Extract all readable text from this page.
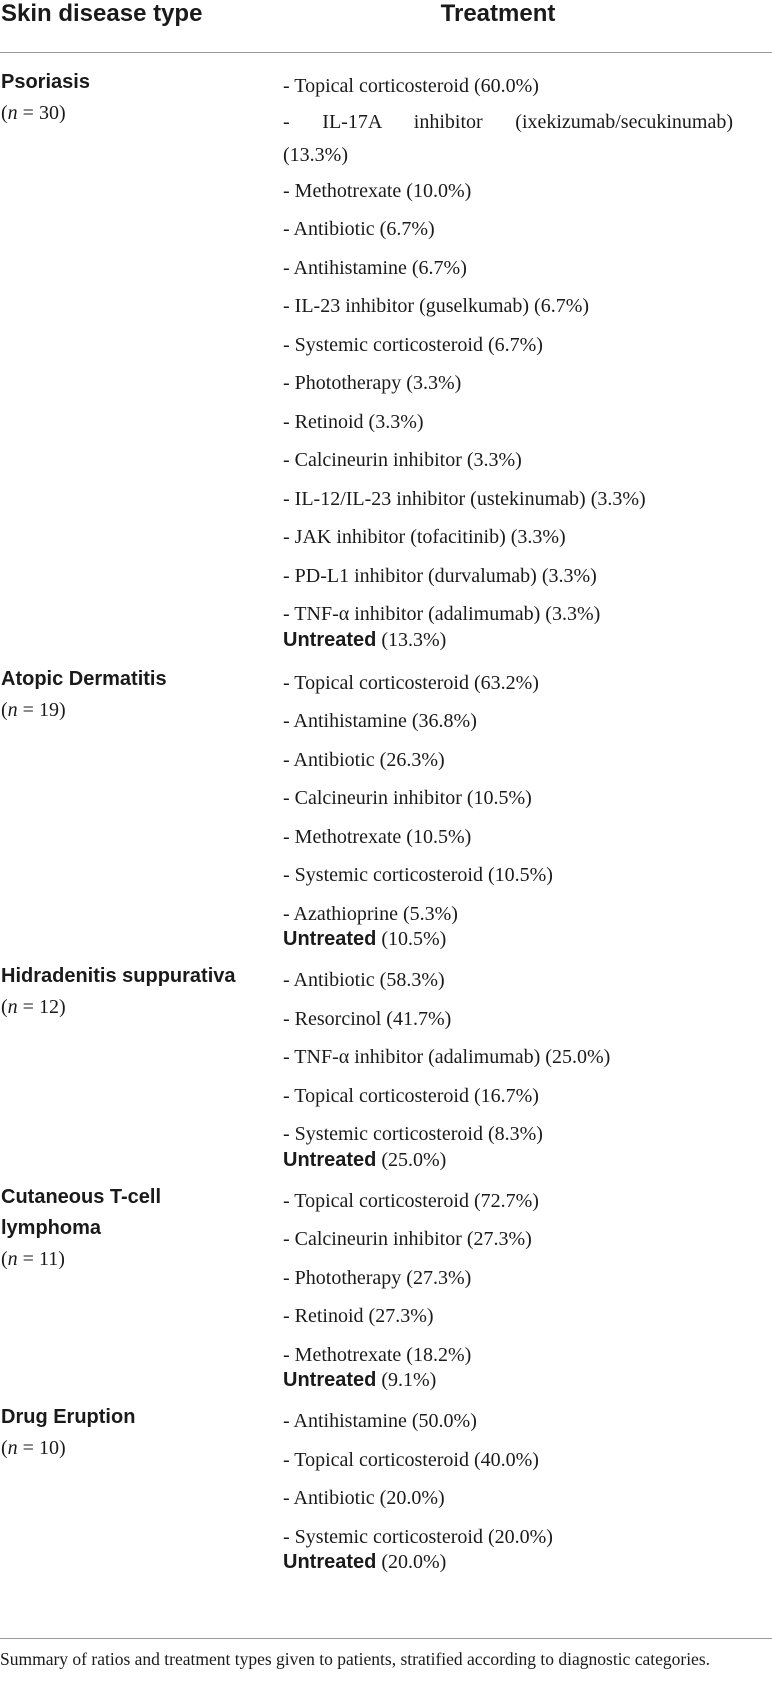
Skin disease type	Treatment
Psoriasis
(n = 30)
- Topical corticosteroid (60.0%)
- IL-17A inhibitor (ixekizumab/secukinumab) (13.3%)
- Methotrexate (10.0%)
- Antibiotic (6.7%)
- Antihistamine (6.7%)
- IL-23 inhibitor (guselkumab) (6.7%)
- Systemic corticosteroid (6.7%)
- Phototherapy (3.3%)
- Retinoid (3.3%)
- Calcineurin inhibitor (3.3%)
- IL-12/IL-23 inhibitor (ustekinumab) (3.3%)
- JAK inhibitor (tofacitinib) (3.3%)
- PD-L1 inhibitor (durvalumab) (3.3%)
- TNF-α inhibitor (adalimumab) (3.3%)
Untreated (13.3%)
Atopic Dermatitis
(n = 19)
- Topical corticosteroid (63.2%)
- Antihistamine (36.8%)
- Antibiotic (26.3%)
- Calcineurin inhibitor (10.5%)
- Methotrexate (10.5%)
- Systemic corticosteroid (10.5%)
- Azathioprine (5.3%)
Untreated (10.5%)
Hidradenitis suppurativa
(n = 12)
- Antibiotic (58.3%)
- Resorcinol (41.7%)
- TNF-α inhibitor (adalimumab) (25.0%)
- Topical corticosteroid (16.7%)
- Systemic corticosteroid (8.3%)
Untreated (25.0%)
Cutaneous T-cell
lymphoma
(n = 11)
- Topical corticosteroid (72.7%)
- Calcineurin inhibitor (27.3%)
- Phototherapy (27.3%)
- Retinoid (27.3%)
- Methotrexate (18.2%)
Untreated (9.1%)
Drug Eruption
(n = 10)
- Antihistamine (50.0%)
- Topical corticosteroid (40.0%)
- Antibiotic (20.0%)
- Systemic corticosteroid (20.0%)
Untreated (20.0%)
Summary of ratios and treatment types given to patients, stratified according to diagnostic categories.
